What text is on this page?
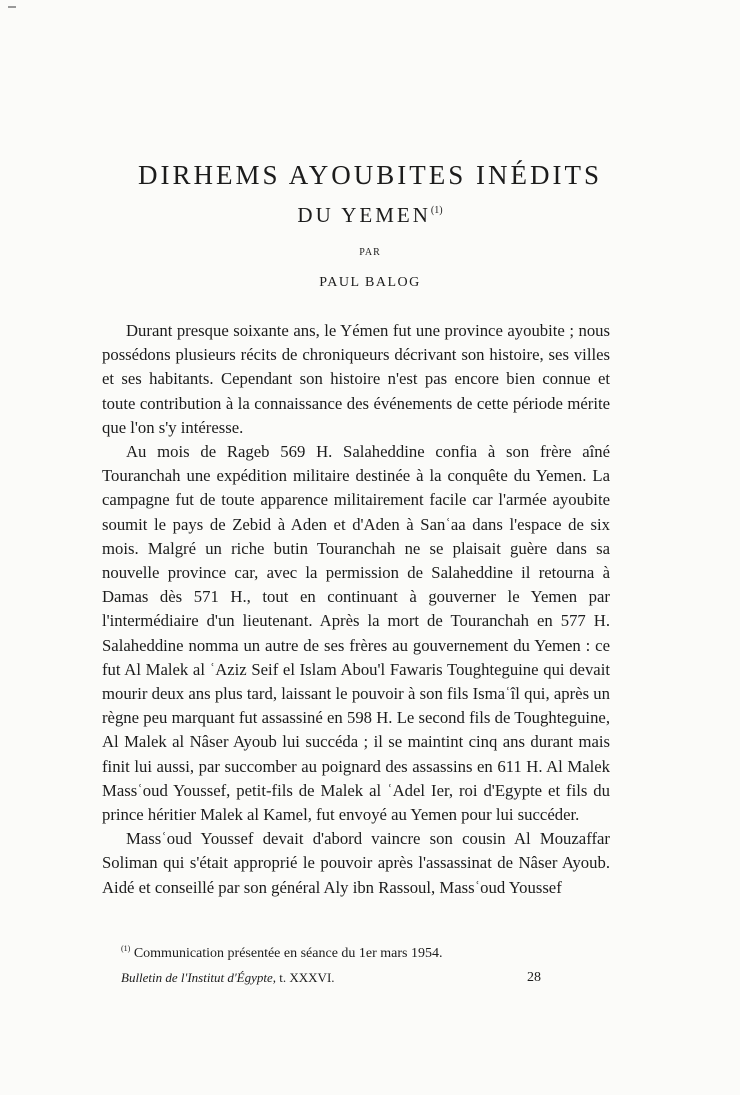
DIRHEMS AYOUBITES INÉDITS
DU YEMEN$^{(1)}$
PAR
PAUL BALOG

Durant presque soixante ans, le Yémen fut une province ayoubite ; nous possédons plusieurs récits de chroniqueurs décrivant son histoire, ses villes et ses habitants. Cependant son histoire n'est pas encore bien connue et toute contribution à la connaissance des événements de cette période mérite que l'on s'y intéresse.

Au mois de Rageb 569 H. Salaheddine confia à son frère aîné Touranchah une expédition militaire destinée à la conquête du Yemen. La campagne fut de toute apparence militairement facile car l'armée ayoubite soumit le pays de Zebid à Aden et d'Aden à Sanʿaa dans l'espace de six mois. Malgré un riche butin Touranchah ne se plaisait guère dans sa nouvelle province car, avec la permission de Salaheddine il retourna à Damas dès 571 H., tout en continuant à gouverner le Yemen par l'intermédiaire d'un lieutenant. Après la mort de Touranchah en 577 H. Salaheddine nomma un autre de ses frères au gouvernement du Yemen : ce fut Al Malek al ʿAziz Seif el Islam Abou'l Fawaris Toughteguine qui devait mourir deux ans plus tard, laissant le pouvoir à son fils Ismaʿîl qui, après un règne peu marquant fut assassiné en 598 H. Le second fils de Toughteguine, Al Malek al Nâser Ayoub lui succéda ; il se maintint cinq ans durant mais finit lui aussi, par succomber au poignard des assassins en 611 H. Al Malek Massʿoud Youssef, petit-fils de Malek al ʿAdel Ier, roi d'Egypte et fils du prince héritier Malek al Kamel, fut envoyé au Yemen pour lui succéder.

Massʿoud Youssef devait d'abord vaincre son cousin Al Mouzaffar Soliman qui s'était approprié le pouvoir après l'assassinat de Nâser Ayoub. Aidé et conseillé par son général Aly ibn Rassoul, Massʿoud Youssef

$^{(1)}$ Communication présentée en séance du 1er mars 1954.
Bulletin de l'Institut d'Égypte, t. XXXVI.	28
